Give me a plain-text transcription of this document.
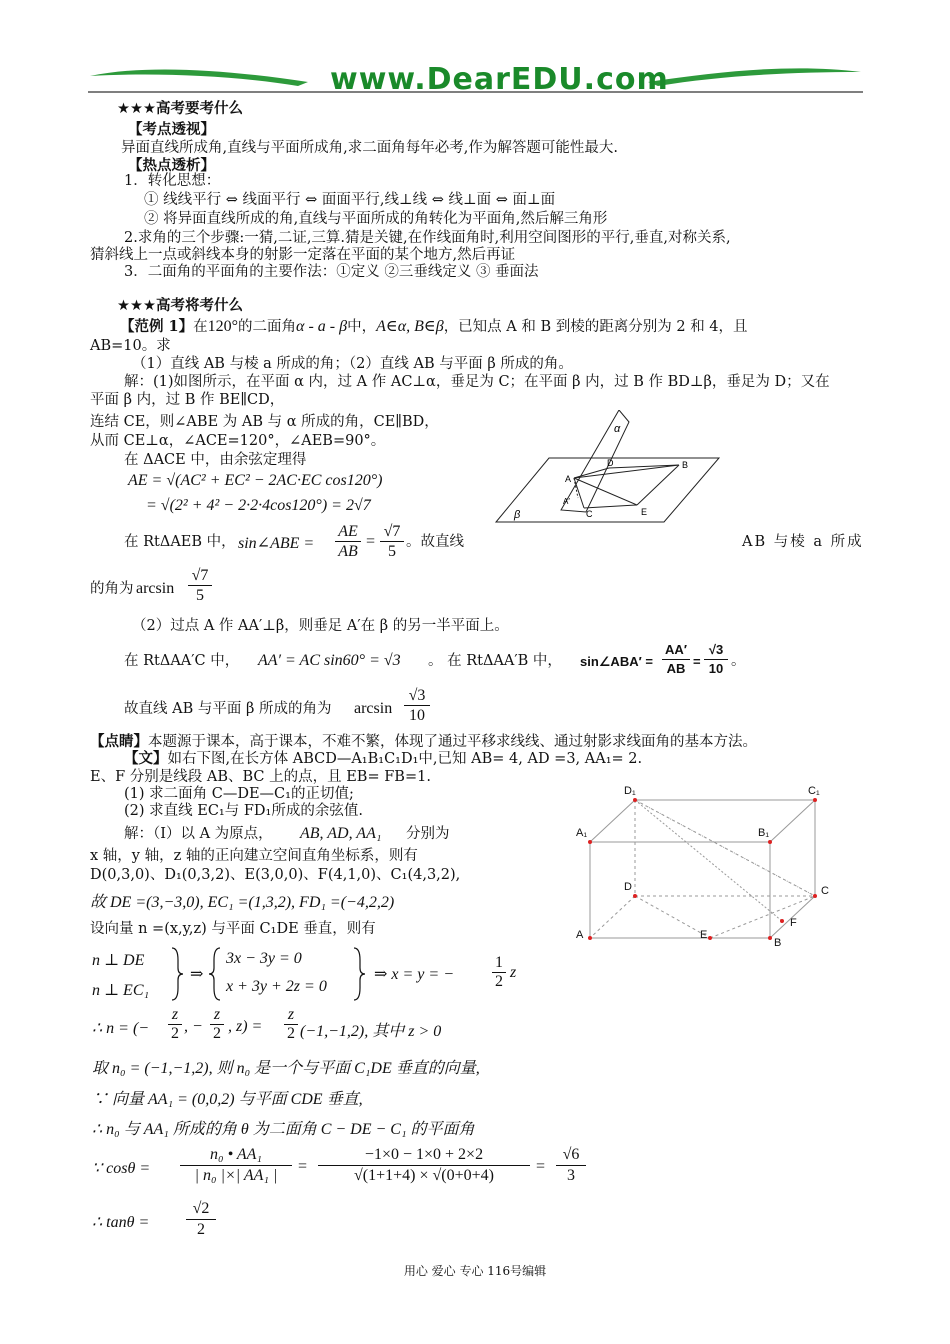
www.DearEDU.com
★★★高考要考什么
【考点透视】
异面直线所成角,直线与平面所成角,求二面角每年必考,作为解答题可能性最大.
【热点透析】
1．转化思想：
① 线线平行 ⇔ 线面平行 ⇔ 面面平行,线⊥线 ⇔ 线⊥面 ⇔ 面⊥面
② 将异面直线所成的角,直线与平面所成的角转化为平面角,然后解三角形
2.求角的三个步骤:一猜,二证,三算.猜是关键,在作线面角时,利用空间图形的平行,垂直,对称关系,
猜斜线上一点或斜线本身的射影一定落在平面的某个地方,然后再证
3．二面角的平面角的主要作法：①定义 ②三垂线定义 ③ 垂面法
★★★高考将考什么
【范例 1】在120°的二面角α - a - β中，A∈α, B∈β，已知点 A 和 B 到棱的距离分别为 2 和 4，且
AB=10。求
（1）直线 AB 与棱 a 所成的角；（2）直线 AB 与平面 β 所成的角。
解：(1)如图所示，在平面 α 内，过 A 作 AC⊥α，垂足为 C；在平面 β 内，过 B 作 BD⊥β，垂足为 D；又在
平面 β 内，过 B 作 BE∥CD，
连结 CE，则∠ABE 为 AB 与 α 所成的角，CE∥BD，
从而 CE⊥α，∠ACE=120°，∠AEB=90°。
在 ΔACE 中，由余弦定理得
AE = √(AC² + EC² − 2AC·EC cos120°)
= √(2² + 4² − 2·2·4cos120°) = 2√7
α
β
A
A′
C
D	B
E
在 RtΔAEB 中， sin∠ABE = $\frac{AE}{AB} = \frac{√7}{5}$ 。故直线	AB 与棱 a 所成
的角为 $\arcsin \frac{√7}{5}$
（2）过点 A 作 AA′⊥β，则垂足 A′在 β 的另一半平面上。
在 RtΔAA′C 中， AA′ = AC sin60° = √3 。 在 RtΔAA′B 中， sin∠ABA′ = $\frac{AA'}{AB} = \frac{√3}{10}$ 。
故直线 AB 与平面 β 所成的角为 $\arcsin \frac{√3}{10}$
【点睛】本题源于课本，高于课本，不难不繁，体现了通过平移求线线、通过射影求线面角的基本方法。
【文】如右下图,在长方体 ABCD—A₁B₁C₁D₁中,已知 AB= 4, AD =3, AA₁= 2.
E、F 分别是线段 AB、BC 上的点，且 EB= FB=1.
(1) 求二面角 C—DE—C₁的正切值;
(2) 求直线 EC₁与 FD₁所成的余弦值.
解：（I）以 A 为原点， AB, AD, AA₁ 分别为
x 轴，y 轴，z 轴的正向建立空间直角坐标系，则有
D(0,3,0)、D₁(0,3,2)、E(3,0,0)、F(4,1,0)、C₁(4,3,2),
故 DE =(3,−3,0), EC₁ =(1,3,2), FD₁ =(−4,2,2)
设向量 n =(x,y,z) 与平面 C₁DE 垂直，则有
n ⊥ DE
n ⊥ EC₁
⇒
3x − 3y = 0
x + 3y + 2z = 0
⇒ x = y = − $\frac{1}{2}$ z
∴ n = (− $\frac{z}{2}$ , − $\frac{z}{2}$ , $z) = \frac{z}{2} (-1,-1,2)$, 其中 z > 0
取 n₀ = (−1,−1,2), 则 n₀ 是一个与平面 C₁DE 垂直的向量,
∵ 向量 AA₁ = (0,0,2) 与平面 CDE 垂直,
∴ n₀ 与 AA₁ 所成的角 θ 为二面角 C − DE − C₁ 的平面角
∵ $\cos\theta = \frac{\text{n₀ • AA₁}}{\text{| n₀ |×| AA₁ |}} = \frac{-1\times 0 - 1\times 0 + 2\times 2}{√(1+1+4) \times √(0+0+4)} = \frac{√6}{3}$
∴ $\tan\theta = \frac{√2}{2}$
D₁	C₁
A₁	B₁
D	C
F
A	E
B
用心 爱心 专心 116号编辑
